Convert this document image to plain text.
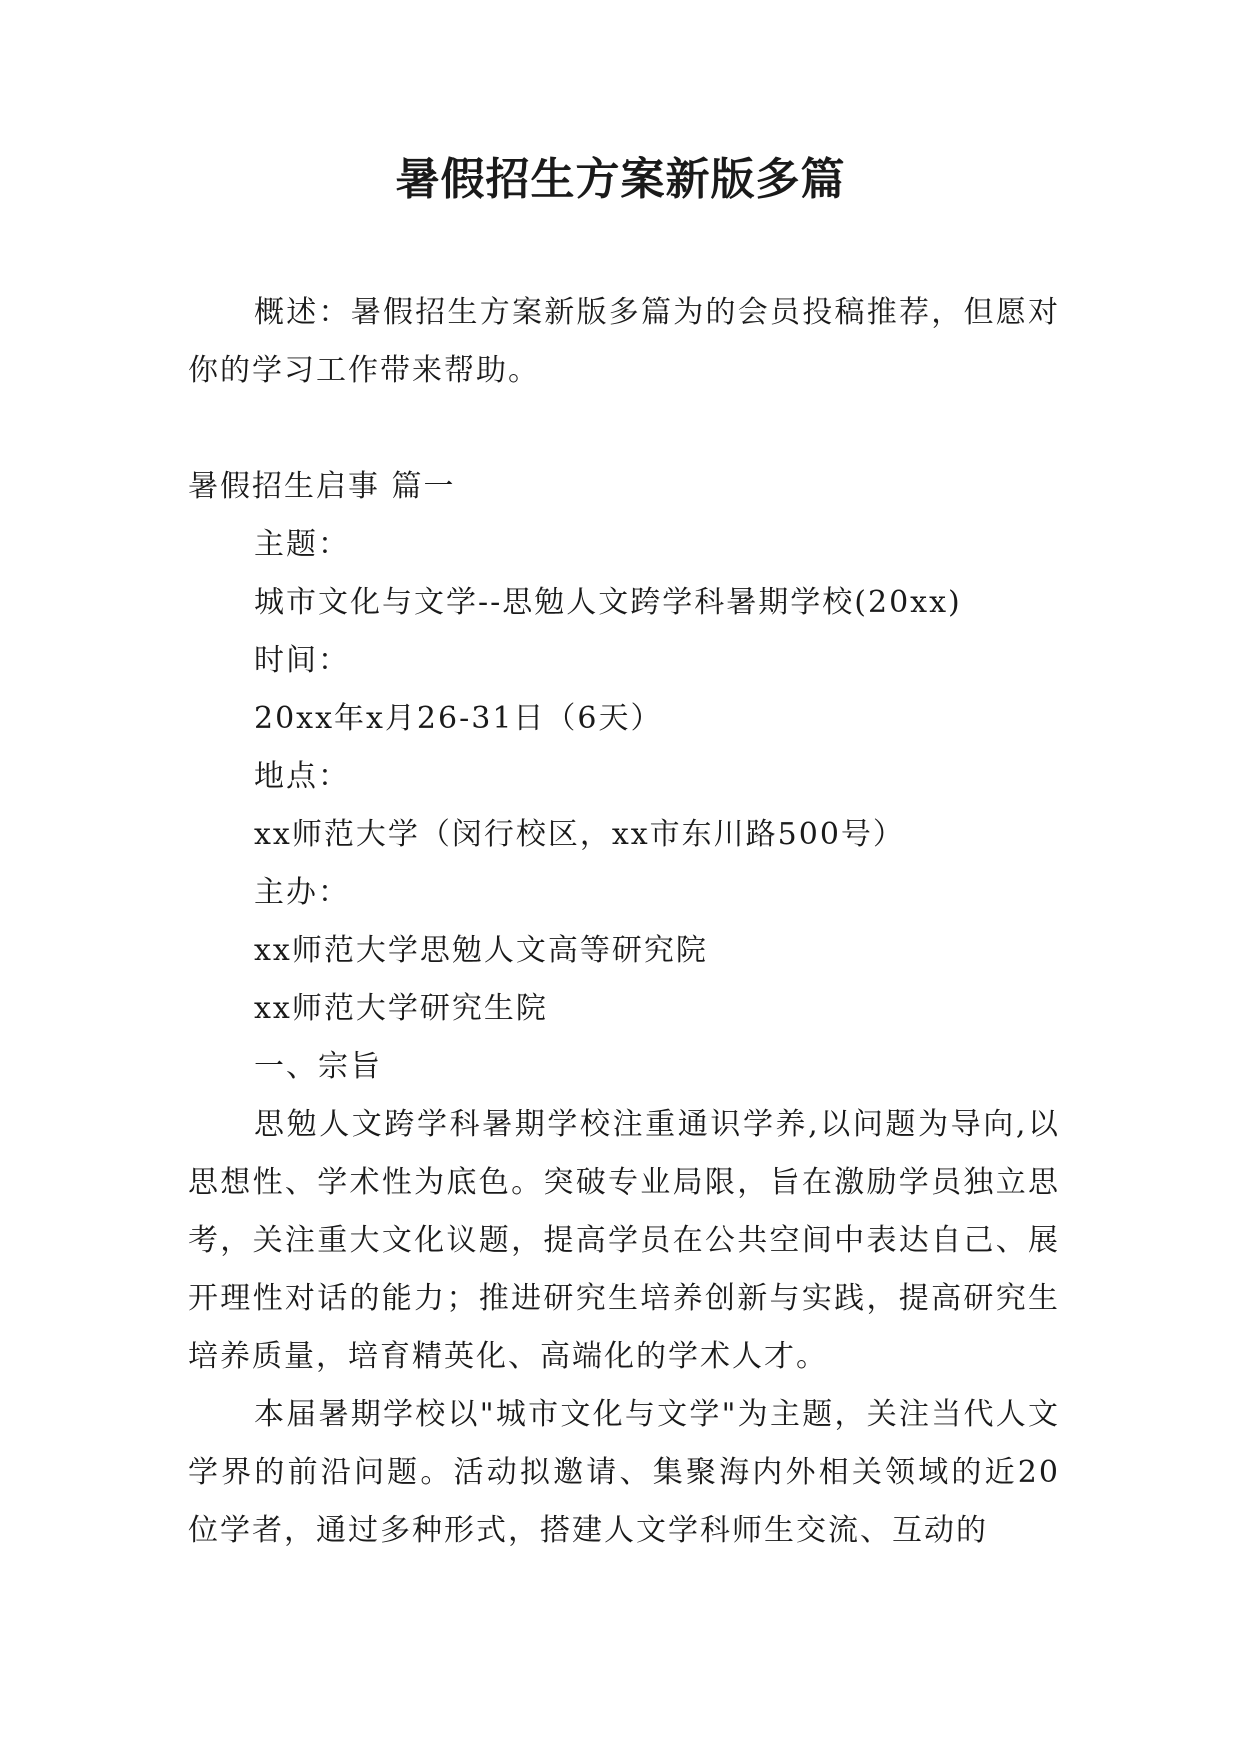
暑假招生方案新版多篇

概述：暑假招生方案新版多篇为的会员投稿推荐，但愿对你的学习工作带来帮助。

暑假招生启事 篇一

主题：

城市文化与文学--思勉人文跨学科暑期学校(20xx)

时间：

20xx年x月26-31日（6天）

地点：

xx师范大学（闵行校区，xx市东川路500号）

主办：

xx师范大学思勉人文高等研究院

xx师范大学研究生院

一、宗旨

思勉人文跨学科暑期学校注重通识学养,以问题为导向,以思想性、学术性为底色。突破专业局限，旨在激励学员独立思考，关注重大文化议题，提高学员在公共空间中表达自己、展开理性对话的能力；推进研究生培养创新与实践，提高研究生培养质量，培育精英化、高端化的学术人才。

本届暑期学校以"城市文化与文学"为主题，关注当代人文学界的前沿问题。活动拟邀请、集聚海内外相关领域的近20位学者，通过多种形式，搭建人文学科师生交流、互动的
